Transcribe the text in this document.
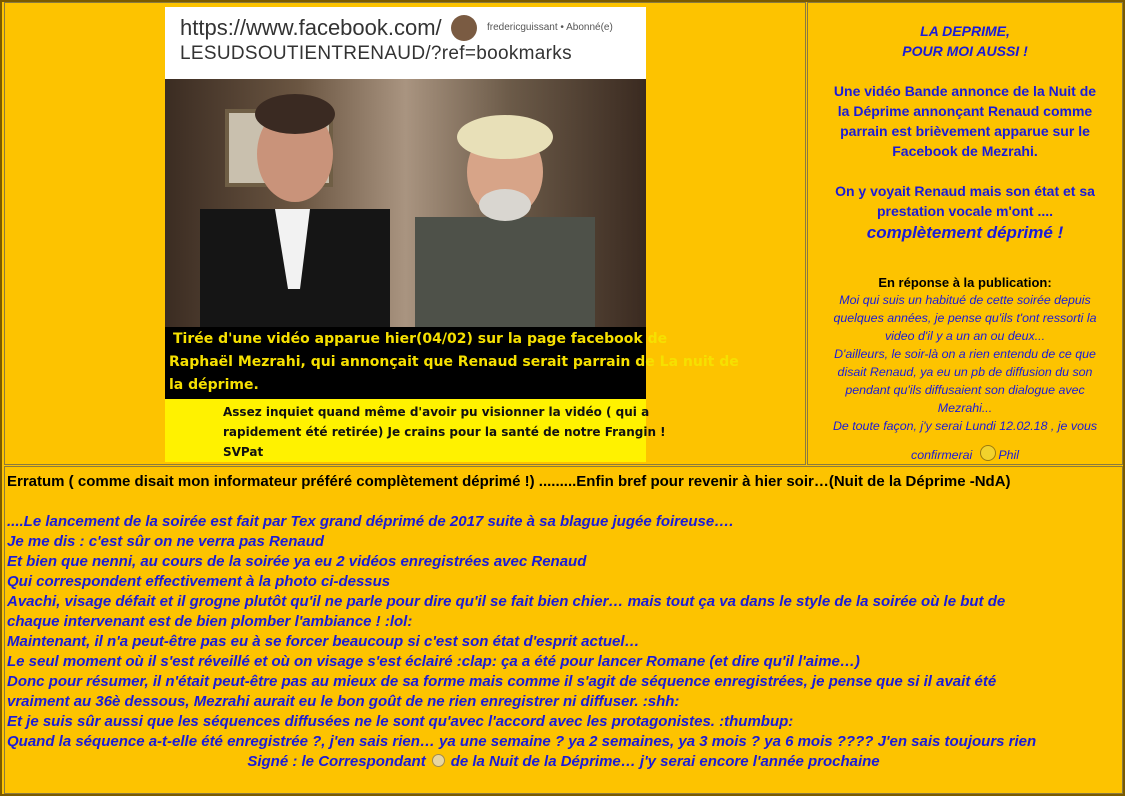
https://www.facebook.com/	fredericguissant • Abonné(e)
LESUDSOUTIENTRENAUD/?ref=bookmarks
Tirée d'une vidéo apparue hier(04/02) sur la page facebook de
Raphaël Mezrahi, qui annonçait que Renaud serait parrain de La nuit de
la déprime.
Assez inquiet quand même d'avoir pu visionner la vidéo ( qui a
rapidement été retirée) Je crains pour la santé de notre Frangin !
SVPat
LA DEPRIME,
POUR MOI AUSSI !
Une vidéo Bande annonce de la Nuit de
la Déprime annonçant Renaud comme
parrain est brièvement apparue sur le
Facebook de Mezrahi.
On y voyait Renaud mais son état et sa
prestation vocale m'ont ....
complètement déprimé !
En réponse à la publication:
Moi qui suis un habitué de cette soirée depuis
quelques années, je pense qu'ils t'ont ressorti la
video d'il y a un an ou deux...
D'ailleurs, le soir-là on a rien entendu de ce que
disait Renaud, ya eu un pb de diffusion du son
pendant qu'ils diffusaient son dialogue avec
Mezrahi...
De toute façon, j'y serai Lundi 12.02.18 , je vous
confirmerai Phil
Erratum ( comme disait mon informateur préféré complètement déprimé !) .........Enfin bref pour revenir à hier soir…(Nuit de la Déprime -NdA)
....Le lancement de la soirée est fait par Tex grand déprimé de 2017 suite à sa blague jugée foireuse….
Je me dis : c'est sûr on ne verra pas Renaud
Et bien que nenni, au cours de la soirée ya eu 2 vidéos enregistrées avec Renaud
Qui correspondent effectivement à la photo ci-dessus
Avachi, visage défait et il grogne plutôt qu'il ne parle pour dire qu'il se fait bien chier… mais tout ça va dans le style de la soirée où le but de
chaque intervenant est de bien plomber l'ambiance ! :lol:
Maintenant, il n'a peut-être pas eu à se forcer beaucoup si c'est son état d'esprit actuel…
Le seul moment où il s'est réveillé et où on visage s'est éclairé :clap: ça a été pour lancer Romane (et dire qu'il l'aime…)
Donc pour résumer, il n'était peut-être pas au mieux de sa forme mais comme il s'agit de séquence enregistrées, je pense que si il avait été
vraiment au 36è dessous, Mezrahi aurait eu le bon goût de ne rien enregistrer ni diffuser. :shh:
Et je suis sûr aussi que les séquences diffusées ne le sont qu'avec l'accord avec les protagonistes. :thumbup:
Quand la séquence a-t-elle été enregistrée ?, j'en sais rien… ya une semaine ? ya 2 semaines, ya 3 mois ? ya 6 mois ???? J'en sais toujours rien
Signé : le Correspondant de la Nuit de la Déprime… j'y serai encore l'année prochaine
